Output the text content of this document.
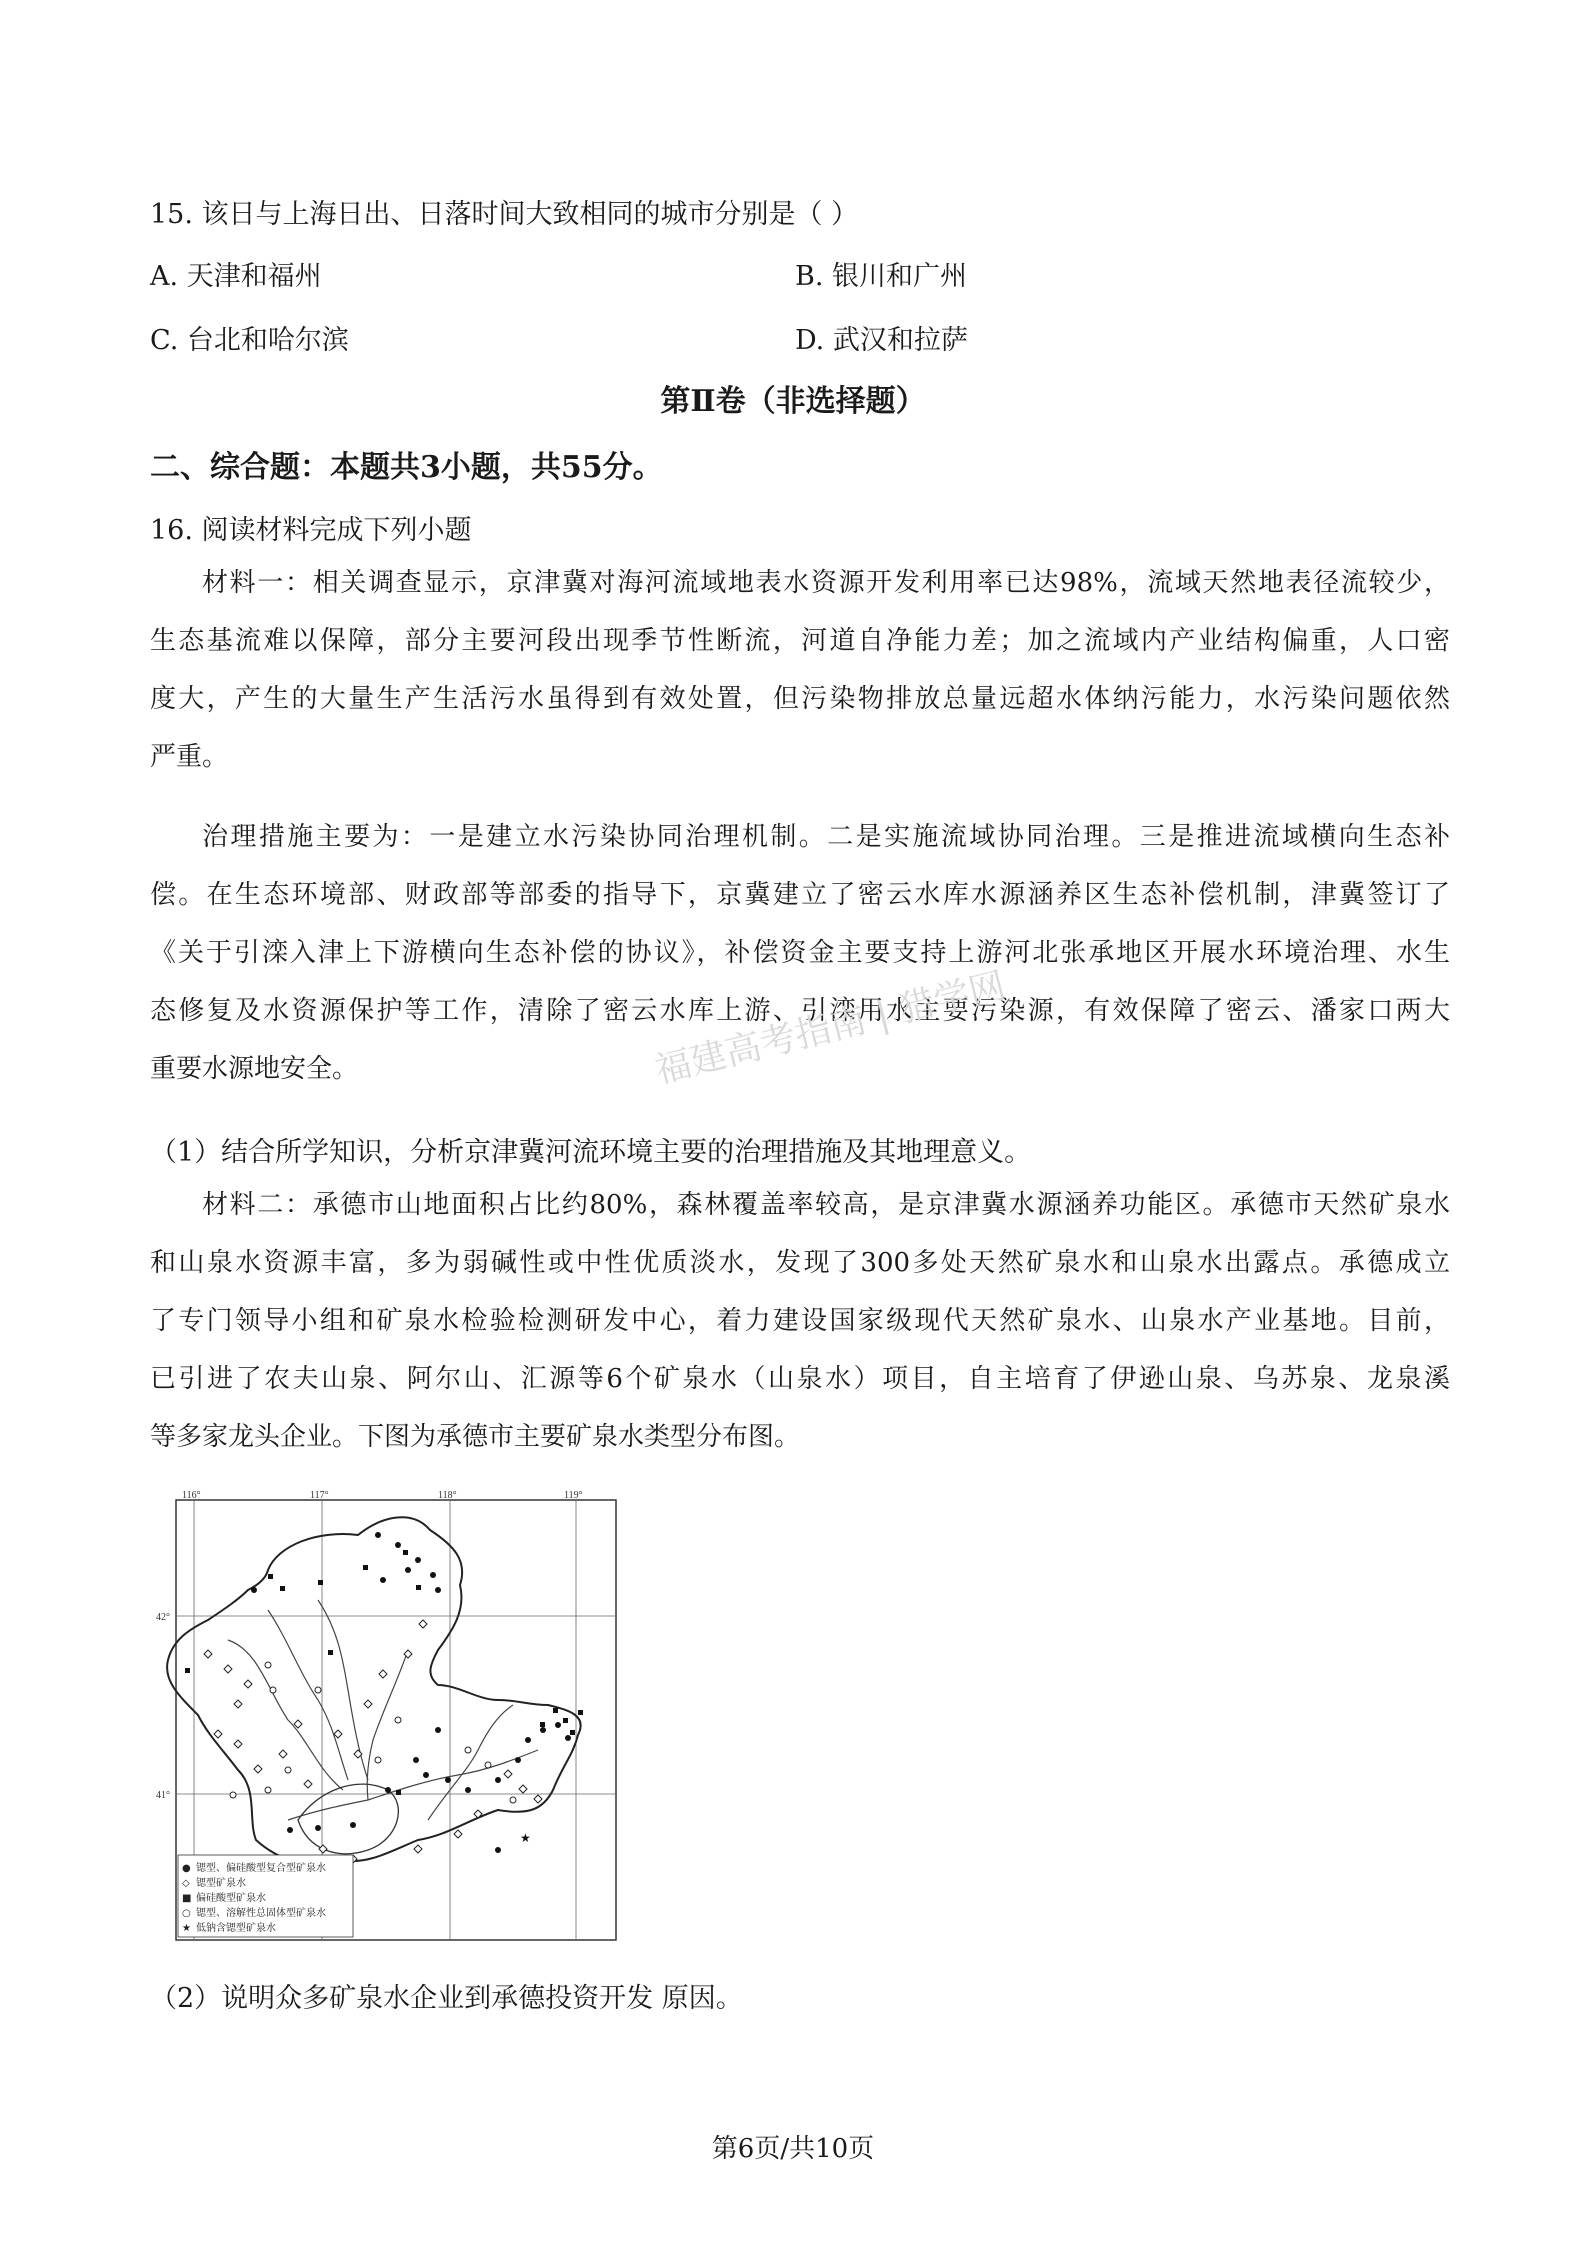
15. 该日与上海日出、日落时间大致相同的城市分别是（ ）
A. 天津和福州	B. 银川和广州
C. 台北和哈尔滨	D. 武汉和拉萨
第Ⅱ卷（非选择题）
二、综合题：本题共3小题，共55分。
16. 阅读材料完成下列小题
材料一：相关调查显示，京津冀对海河流域地表水资源开发利用率已达98%，流域天然地表径流较少，
生态基流难以保障，部分主要河段出现季节性断流，河道自净能力差；加之流域内产业结构偏重，人口密
度大，产生的大量生产生活污水虽得到有效处置，但污染物排放总量远超水体纳污能力，水污染问题依然
严重。
治理措施主要为：一是建立水污染协同治理机制。二是实施流域协同治理。三是推进流域横向生态补
偿。在生态环境部、财政部等部委的指导下，京冀建立了密云水库水源涵养区生态补偿机制，津冀签订了
《关于引滦入津上下游横向生态补偿的协议》，补偿资金主要支持上游河北张承地区开展水环境治理、水生
态修复及水资源保护等工作，清除了密云水库上游、引滦用水主要污染源，有效保障了密云、潘家口两大
重要水源地安全。	福建高考指南 | 猎学网
（1）结合所学知识，分析京津冀河流环境主要的治理措施及其地理意义。
材料二：承德市山地面积占比约80%，森林覆盖率较高，是京津冀水源涵养功能区。承德市天然矿泉水
和山泉水资源丰富，多为弱碱性或中性优质淡水，发现了300多处天然矿泉水和山泉水出露点。承德成立
了专门领导小组和矿泉水检验检测研发中心，着力建设国家级现代天然矿泉水、山泉水产业基地。目前，
已引进了农夫山泉、阿尔山、汇源等6个矿泉水（山泉水）项目，自主培育了伊逊山泉、乌苏泉、龙泉溪
等多家龙头企业。下图为承德市主要矿泉水类型分布图。
116°	117°	118°	119°
42°
41°
★
● 锶型、偏硅酸型复合型矿泉水
◇ 锶型矿泉水
■ 偏硅酸型矿泉水
○ 锶型、溶解性总固体型矿泉水
★ 低钠含锶型矿泉水
（2）说明众多矿泉水企业到承德投资开发 原因。
第6页/共10页
